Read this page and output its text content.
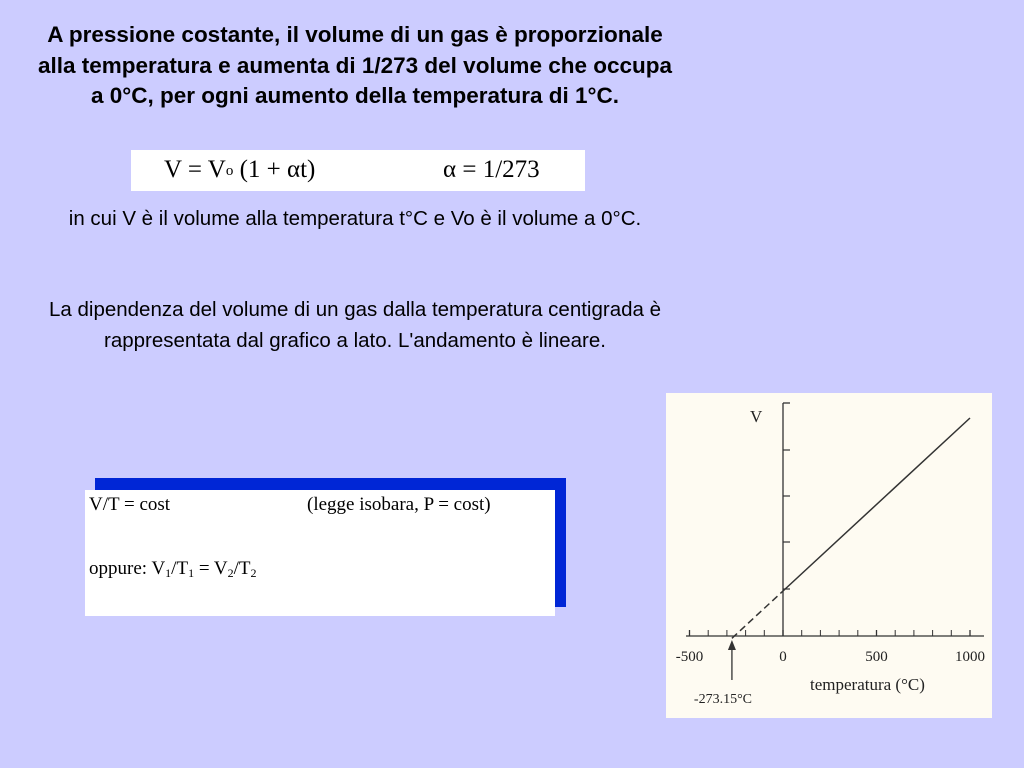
A pressione costante, il volume di un gas è proporzionale alla temperatura e aumenta di 1/273 del volume che occupa a 0°C, per ogni aumento della temperatura di 1°C.
$V = V_o$ (1 + αt)	α = 1/273
in cui V è il volume alla temperatura t°C e Vo è il volume a 0°C.
La dipendenza del volume di un gas dalla temperatura centigrada è rappresentata dal grafico a lato. L'andamento è lineare.
V/T = cost	(legge isobara, P = cost)
oppure: $V_1/T_1 = V_2/T_2$
V
-500	0	500	1000
temperatura (°C)
-273.15°C
